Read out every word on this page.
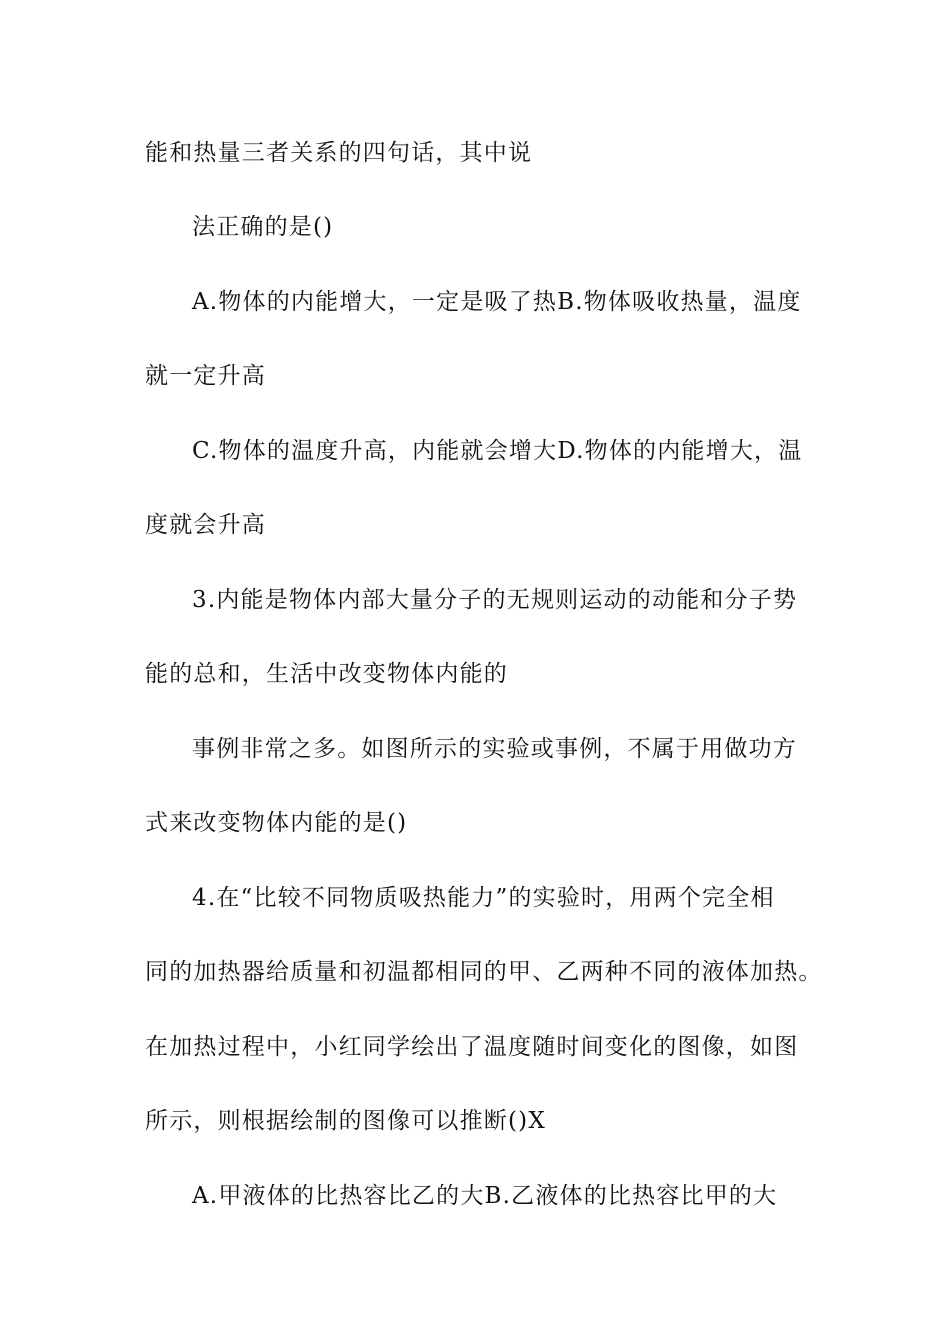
能和热量三者关系的四句话，其中说
法正确的是()
A.物体的内能增大，一定是吸了热B.物体吸收热量，温度
就一定升高
C.物体的温度升高，内能就会增大D.物体的内能增大，温
度就会升高
3.内能是物体内部大量分子的无规则运动的动能和分子势
能的总和，生活中改变物体内能的
事例非常之多。如图所示的实验或事例，不属于用做功方
式来改变物体内能的是()
4.在“比较不同物质吸热能力”的实验时，用两个完全相
同的加热器给质量和初温都相同的甲、乙两种不同的液体加热。
在加热过程中，小红同学绘出了温度随时间变化的图像，如图
所示，则根据绘制的图像可以推断()X
A.甲液体的比热容比乙的大B.乙液体的比热容比甲的大
